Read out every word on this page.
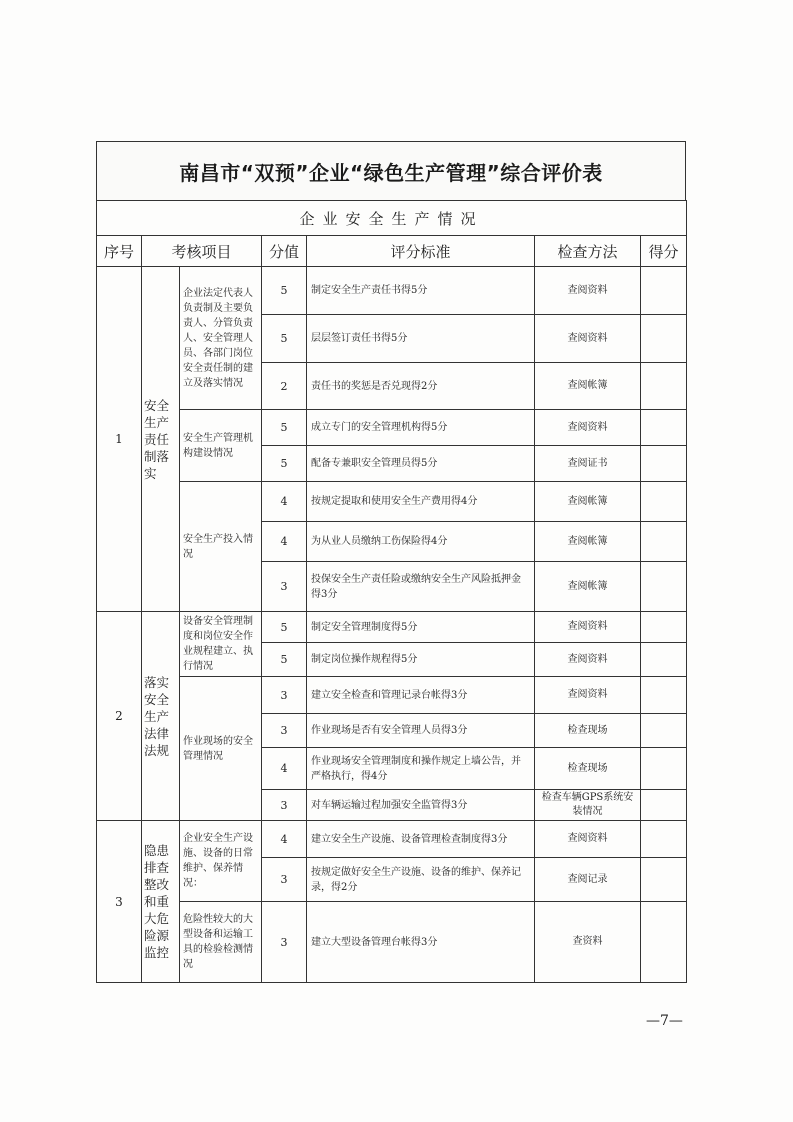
南昌市“双预”企业“绿色生产管理”综合评价表
企业安全生产情况						
序号	考核项目		分值	评分标准	检查方法	得分
1	安全生产责任制落实	企业法定代表人负责制及主要负责人、分管负责人、安全管理人员、各部门岗位安全责任制的建立及落实情况	5	制定安全生产责任书得5分	查阅资料	
			5	层层签订责任书得5分	查阅资料	
			2	责任书的奖惩是否兑现得2分	查阅帐簿	
		安全生产管理机构建设情况	5	成立专门的安全管理机构得5分	查阅资料	
			5	配备专兼职安全管理员得5分	查阅证书	
		安全生产投入情况	4	按规定提取和使用安全生产费用得4分	查阅帐簿	
			4	为从业人员缴纳工伤保险得4分	查阅帐簿	
			3	投保安全生产责任险或缴纳安全生产风险抵押金得3分	查阅帐簿	
2	落实安全生产法律法规	设备安全管理制度和岗位安全作业规程建立、执行情况	5	制定安全管理制度得5分	查阅资料	
			5	制定岗位操作规程得5分	查阅资料	
		作业现场的安全管理情况	3	建立安全检查和管理记录台帐得3分	查阅资料	
			3	作业现场是否有安全管理人员得3分	检查现场	
			4	作业现场安全管理制度和操作规定上墙公告，并严格执行，得4分	检查现场	
			3	对车辆运输过程加强安全监管得3分	检查车辆GPS系统安装情况	
3	隐患排查整改和重大危险源监控	企业安全生产设施、设备的日常维护、保养情况：	4	建立安全生产设施、设备管理检查制度得3分	查阅资料	
			3	按规定做好安全生产设施、设备的维护、保养记录，得2分	查阅记录	
		危险性较大的大型设备和运输工具的检验检测情况	3	建立大型设备管理台帐得3分	查资料	
—7—
